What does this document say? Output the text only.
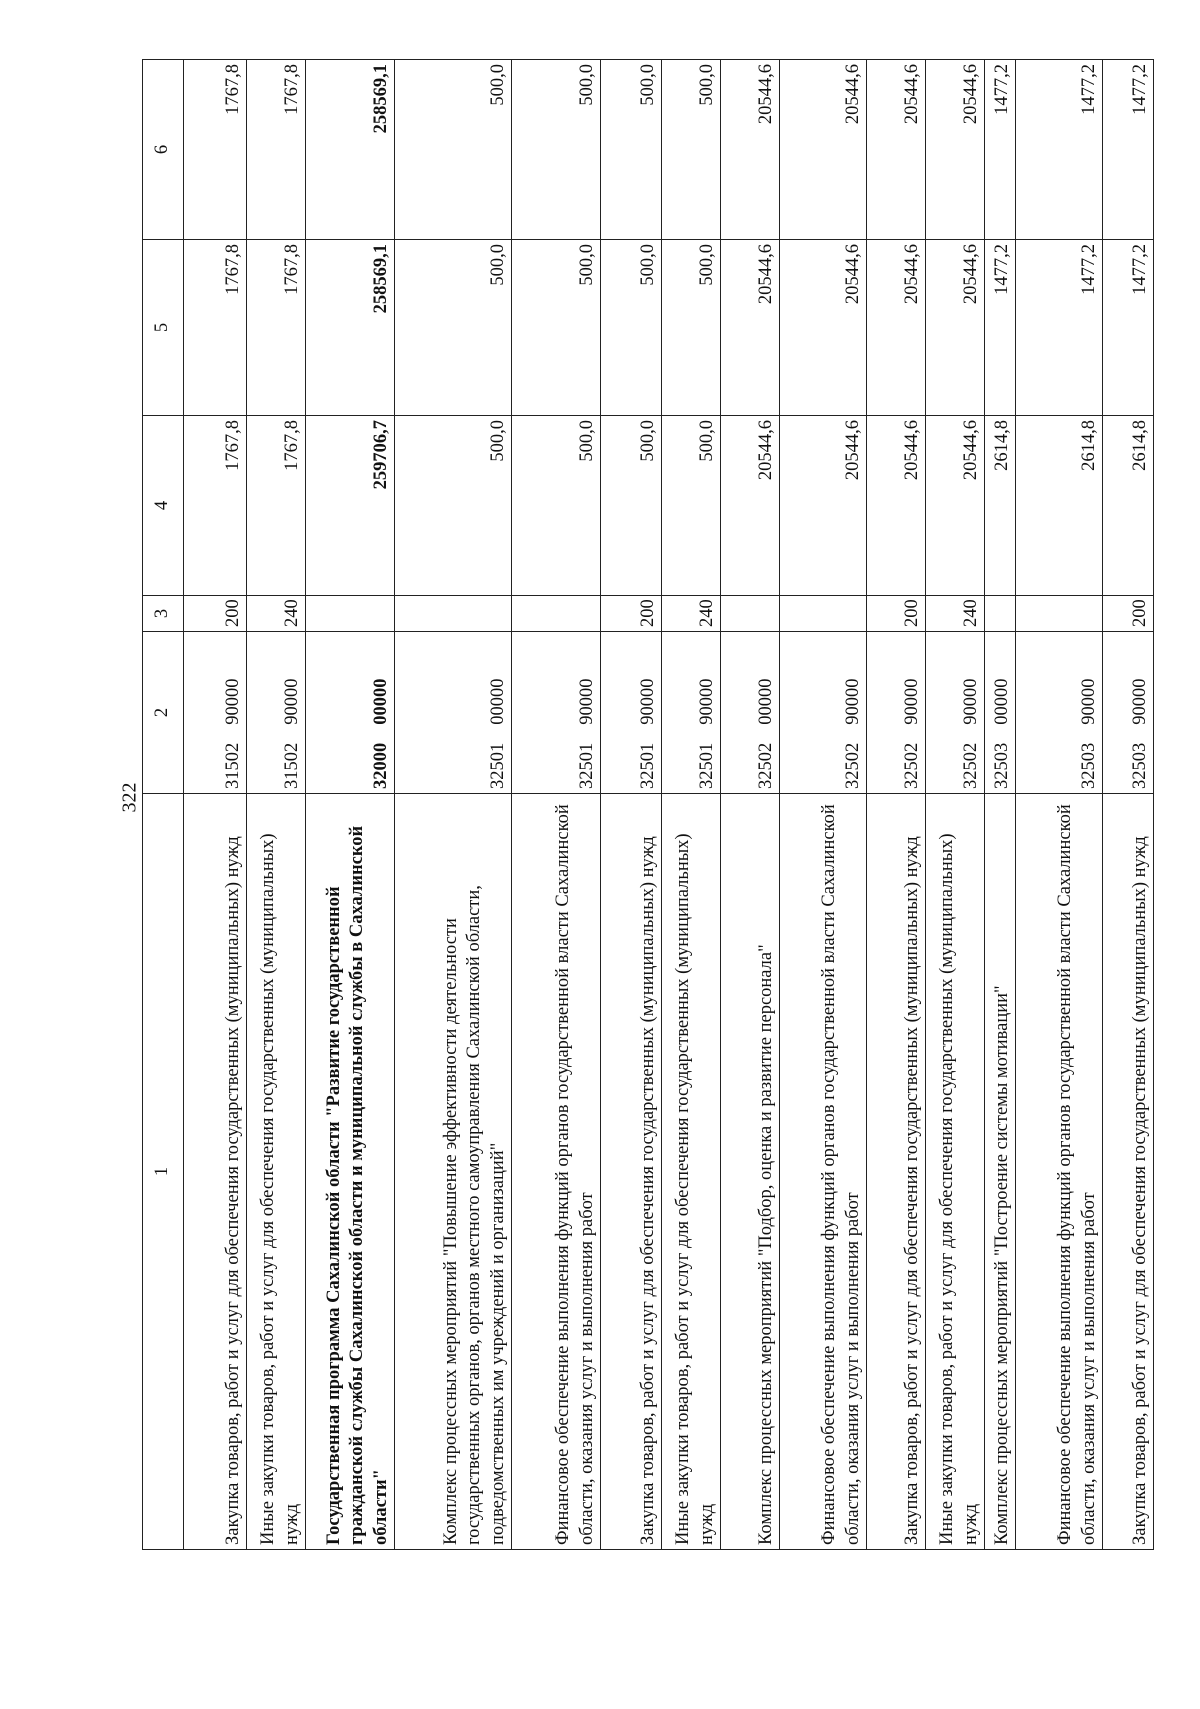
322
1	2	3	4	5	6
Закупка товаров, работ и услуг для обеспечения государственных (муниципальных) нужд	3150290000	200	1767,8	1767,8	1767,8
Иные закупки товаров, работ и услуг для обеспечения государственных (муниципальных) нужд	3150290000	240	1767,8	1767,8	1767,8
Государственная программа Сахалинской области "Развитие государственной гражданской службы Сахалинской области и муниципальной службы в Сахалинской области"	3200000000		259706,7	258569,1	258569,1
Комплекс процессных мероприятий "Повышение эффективности деятельности государственных органов, органов местного самоуправления Сахалинской области, подведомственных им учреждений и организаций"	3250100000		500,0	500,0	500,0
Финансовое обеспечение выполнения функций органов государственной власти Сахалинской области, оказания услуг и выполнения работ	3250190000		500,0	500,0	500,0
Закупка товаров, работ и услуг для обеспечения государственных (муниципальных) нужд	3250190000	200	500,0	500,0	500,0
Иные закупки товаров, работ и услуг для обеспечения государственных (муниципальных) нужд	3250190000	240	500,0	500,0	500,0
Комплекс процессных мероприятий "Подбор, оценка и развитие персонала"	3250200000		20544,6	20544,6	20544,6
Финансовое обеспечение выполнения функций органов государственной власти Сахалинской области, оказания услуг и выполнения работ	3250290000		20544,6	20544,6	20544,6
Закупка товаров, работ и услуг для обеспечения государственных (муниципальных) нужд	3250290000	200	20544,6	20544,6	20544,6
Иные закупки товаров, работ и услуг для обеспечения государственных (муниципальных) нужд	3250290000	240	20544,6	20544,6	20544,6
Комплекс процессных мероприятий "Построение системы мотивации"	3250300000		2614,8	1477,2	1477,2
Финансовое обеспечение выполнения функций органов государственной власти Сахалинской области, оказания услуг и выполнения работ	3250390000		2614,8	1477,2	1477,2
Закупка товаров, работ и услуг для обеспечения государственных (муниципальных) нужд	3250390000	200	2614,8	1477,2	1477,2
